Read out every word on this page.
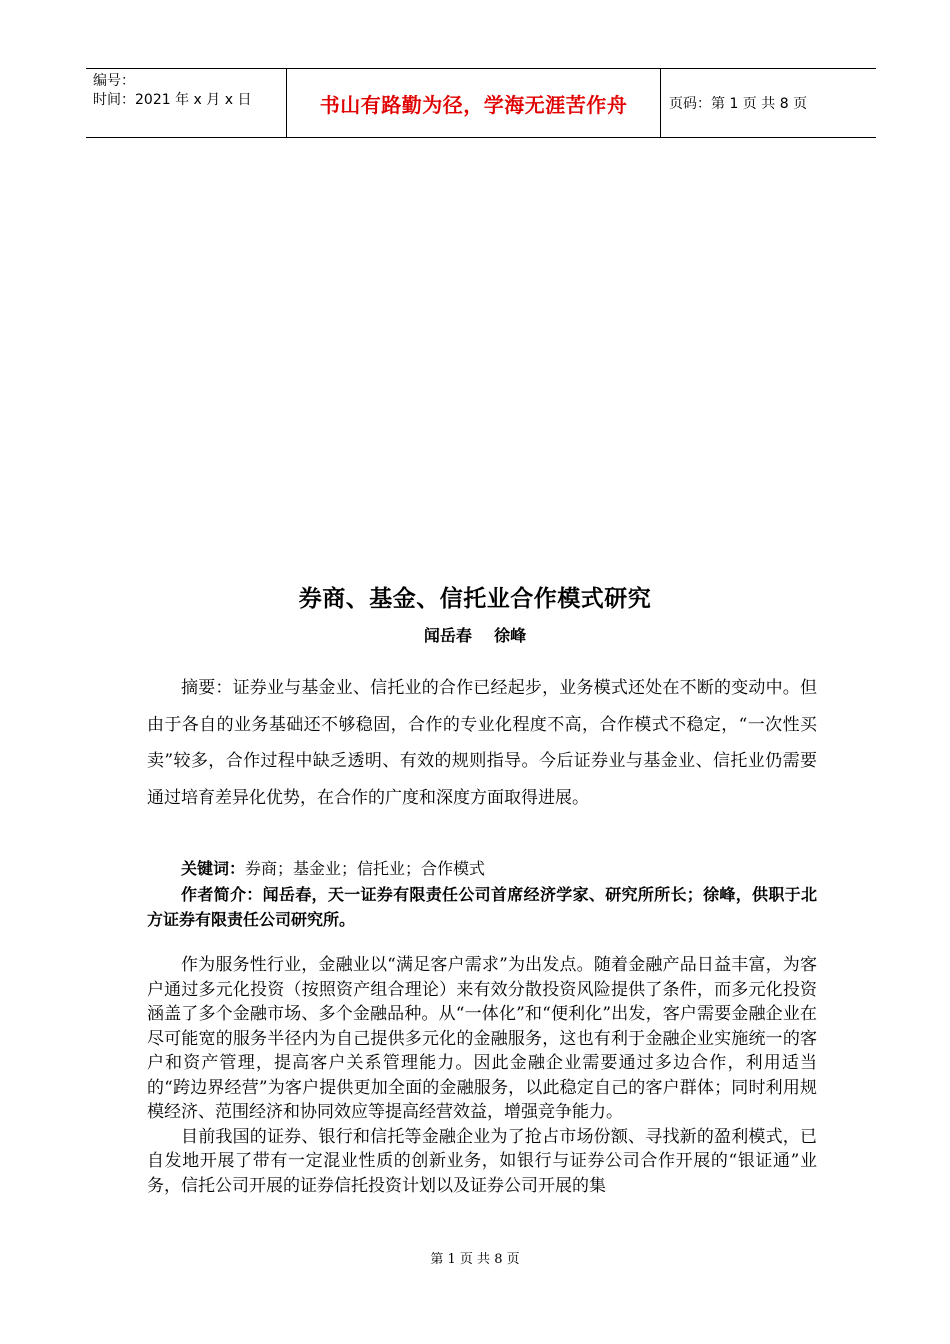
编号：
时间：2021 年 x 月 x 日	书山有路勤为径，学海无涯苦作舟	页码：第 1 页 共 8 页
券商、基金、信托业合作模式研究
闻岳春    徐峰

摘要：证券业与基金业、信托业的合作已经起步，业务模式还处在不断的变动中。但由于各自的业务基础还不够稳固，合作的专业化程度不高，合作模式不稳定，“一次性买卖”较多，合作过程中缺乏透明、有效的规则指导。今后证券业与基金业、信托业仍需要通过培育差异化优势，在合作的广度和深度方面取得进展。

关键词：券商；基金业；信托业；合作模式
作者简介：闻岳春，天一证券有限责任公司首席经济学家、研究所所长；徐峰，供职于北方证券有限责任公司研究所。

作为服务性行业，金融业以“满足客户需求”为出发点。随着金融产品日益丰富，为客户通过多元化投资（按照资产组合理论）来有效分散投资风险提供了条件，而多元化投资涵盖了多个金融市场、多个金融品种。从“一体化”和“便利化”出发，客户需要金融企业在尽可能宽的服务半径内为自己提供多元化的金融服务，这也有利于金融企业实施统一的客户和资产管理，提高客户关系管理能力。因此金融企业需要通过多边合作，利用适当的“跨边界经营”为客户提供更加全面的金融服务，以此稳定自己的客户群体；同时利用规模经济、范围经济和协同效应等提高经营效益，增强竞争能力。

目前我国的证券、银行和信托等金融企业为了抢占市场份额、寻找新的盈利模式，已自发地开展了带有一定混业性质的创新业务，如银行与证券公司合作开展的“银证通”业务，信托公司开展的证券信托投资计划以及证券公司开展的集

第 1 页 共 8 页
